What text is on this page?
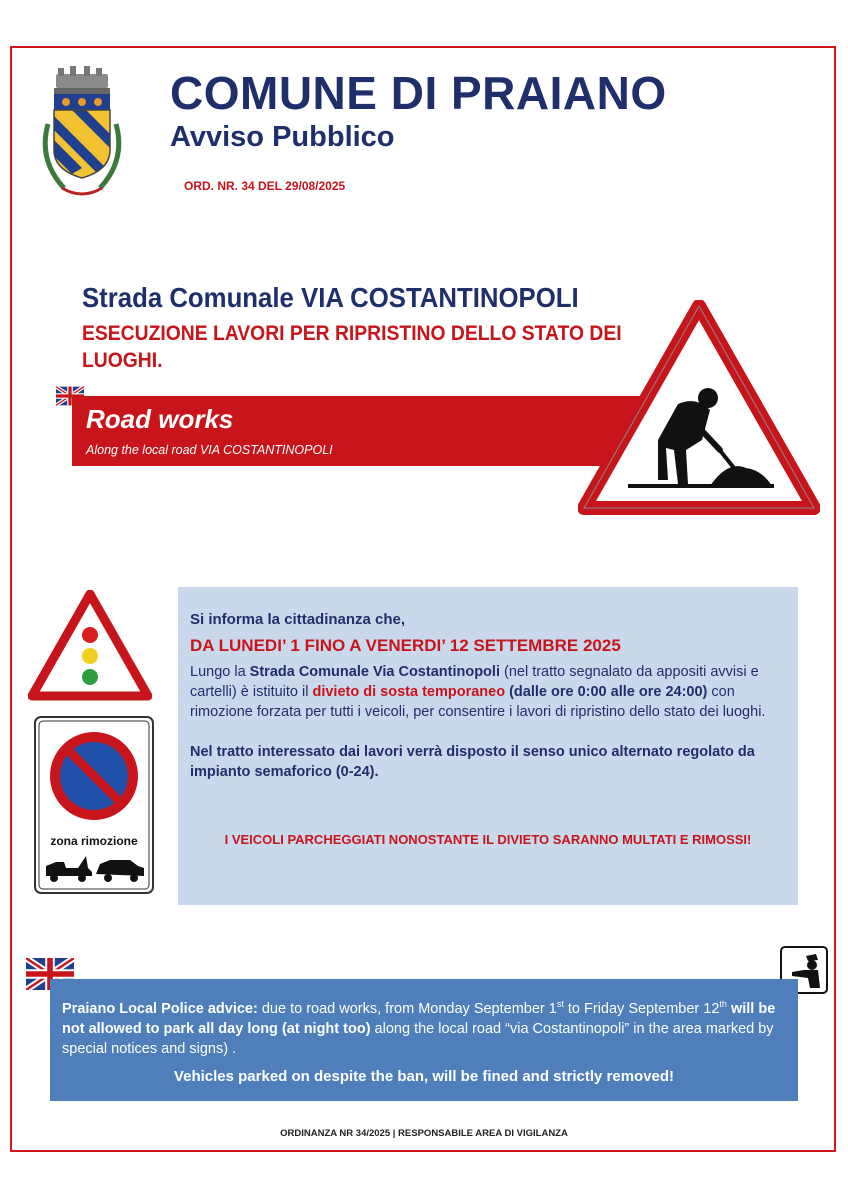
COMUNE DI PRAIANO
Avviso Pubblico
ORD. NR. 34 DEL 29/08/2025
Strada Comunale VIA COSTANTINOPOLI
ESECUZIONE LAVORI PER RIPRISTINO DELLO STATO DEI LUOGHI.
Road works
Along the local road VIA COSTANTINOPOLI
zona rimozione
Si informa la cittadinanza che,
DA LUNEDI’ 1 FINO A VENERDI’ 12 SETTEMBRE 2025
Lungo la Strada Comunale Via Costantinopoli (nel tratto segnalato da appositi avvisi e cartelli) è istituito il divieto di sosta temporaneo (dalle ore 0:00 alle ore 24:00) con rimozione forzata per tutti i veicoli, per consentire i lavori di ripristino dello stato dei luoghi.
Nel tratto interessato dai lavori verrà disposto il senso unico alternato regolato da impianto semaforico (0-24).
I VEICOLI PARCHEGGIATI NONOSTANTE IL DIVIETO SARANNO MULTATI E RIMOSSI!
Praiano Local Police advice: due to road works, from Monday September 1st to Friday September 12th will be not allowed to park all day long (at night too) along the local road “via Costantinopoli” in the area marked by special notices and signs) .
Vehicles parked on despite the ban, will be fined and strictly removed!
ORDINANZA NR 34/2025 | RESPONSABILE AREA DI VIGILANZA
